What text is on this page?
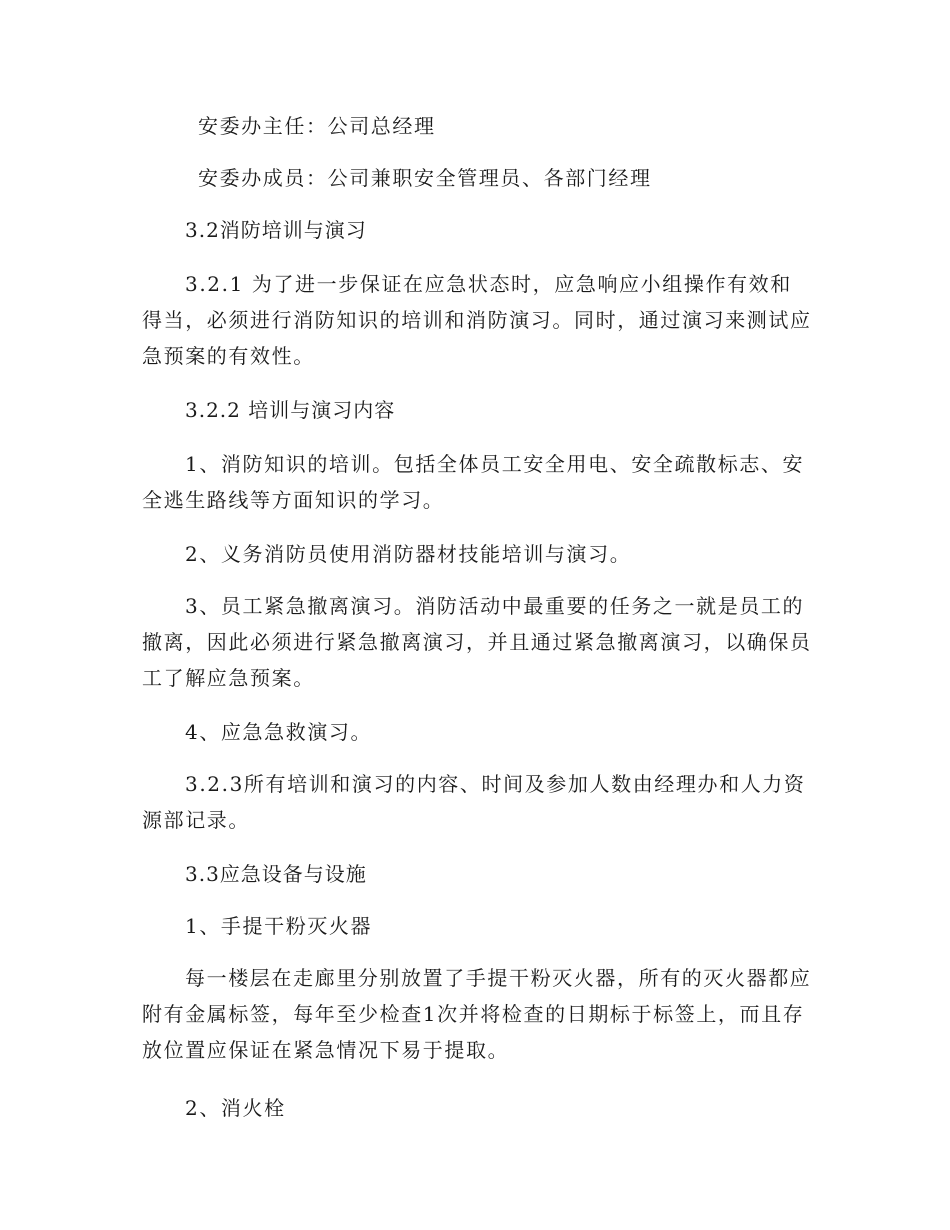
安委办主任：公司总经理

安委办成员：公司兼职安全管理员、各部门经理

3.2消防培训与演习

3.2.1 为了进一步保证在应急状态时，应急响应小组操作有效和得当，必须进行消防知识的培训和消防演习。同时，通过演习来测试应急预案的有效性。

3.2.2 培训与演习内容

1、消防知识的培训。包括全体员工安全用电、安全疏散标志、安全逃生路线等方面知识的学习。

2、义务消防员使用消防器材技能培训与演习。

3、员工紧急撤离演习。消防活动中最重要的任务之一就是员工的撤离，因此必须进行紧急撤离演习，并且通过紧急撤离演习，以确保员工了解应急预案。

4、应急急救演习。

3.2.3所有培训和演习的内容、时间及参加人数由经理办和人力资源部记录。

3.3应急设备与设施

1、手提干粉灭火器

每一楼层在走廊里分别放置了手提干粉灭火器，所有的灭火器都应附有金属标签，每年至少检查1次并将检查的日期标于标签上，而且存放位置应保证在紧急情况下易于提取。

2、消火栓
